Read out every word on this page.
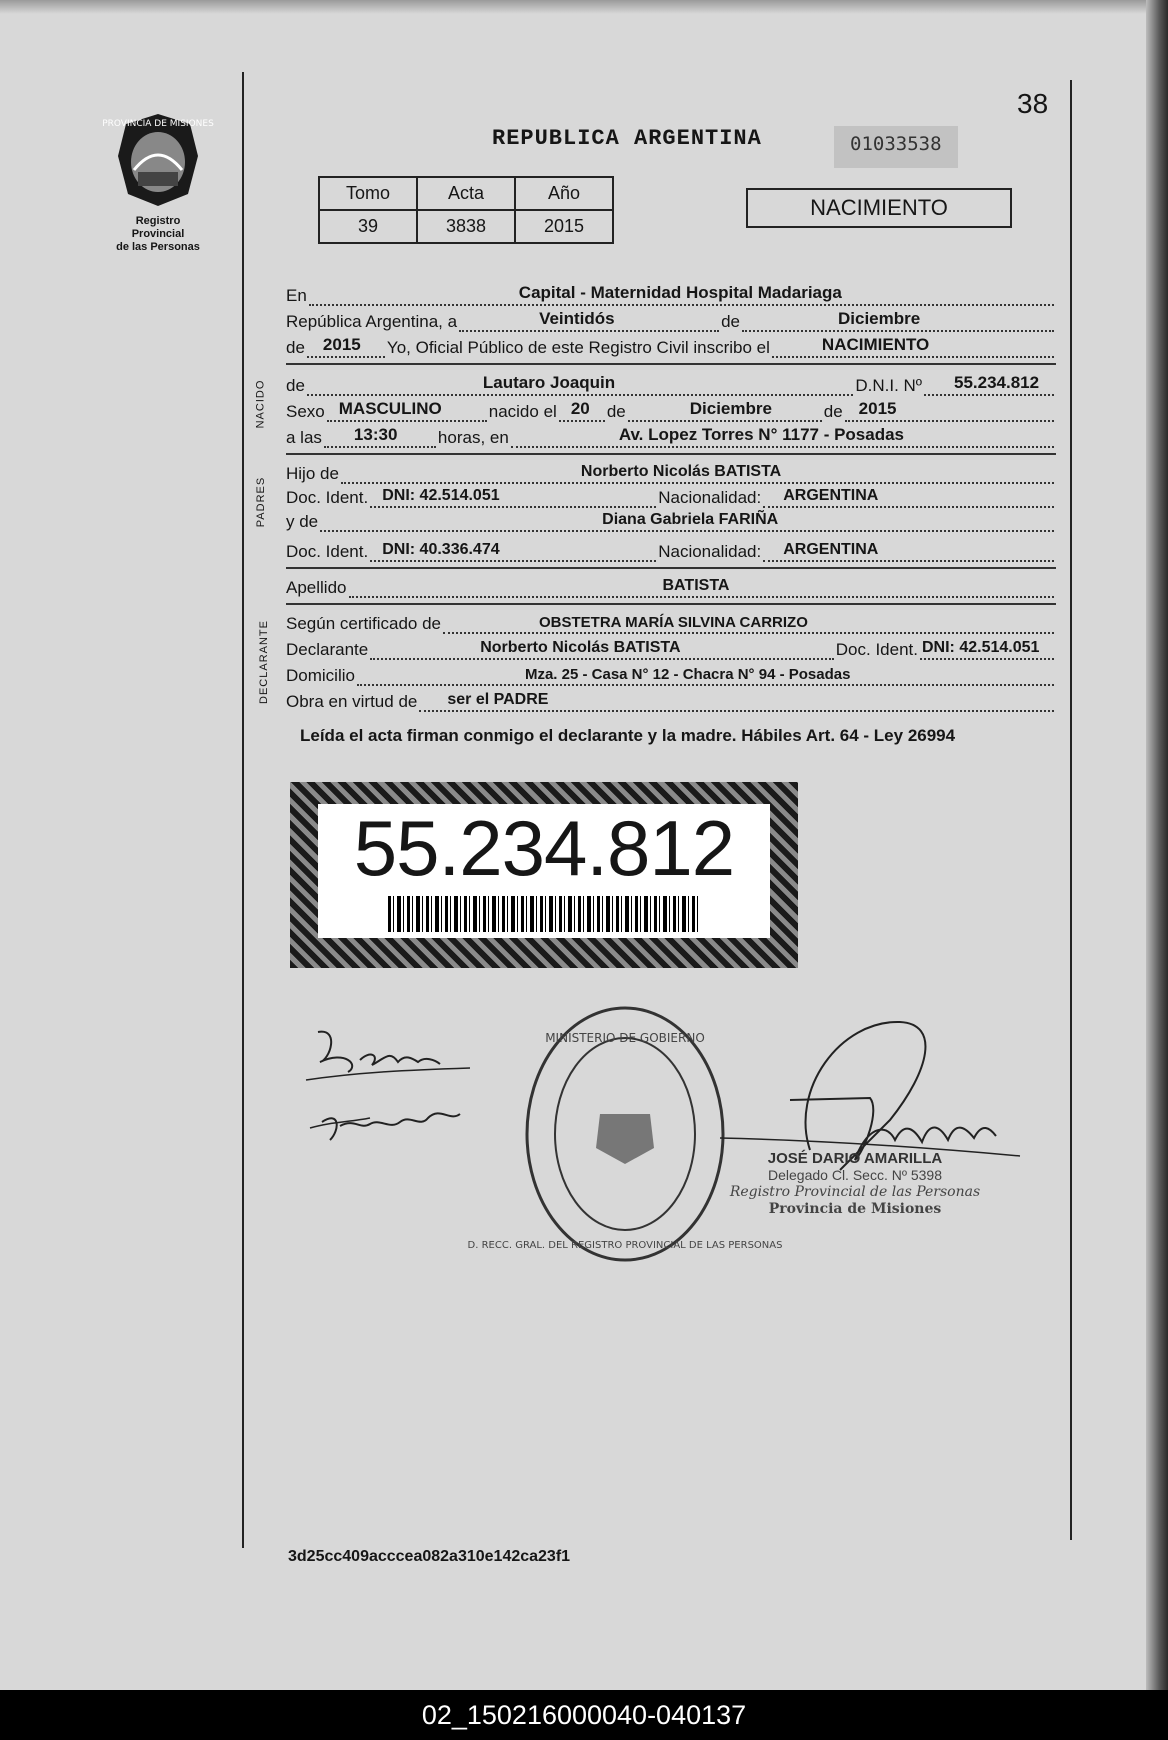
PROVINCIA DE MISIONES
Registro Provincial
de las Personas
REPUBLICA ARGENTINA	01033538
38
Tomo	Acta	Año
39	3838	2015
NACIMIENTO
En	Capital - Maternidad Hospital Madariaga
República Argentina, a	Veintidós	de	Diciembre
de 2015 Yo, Oficial Público de este Registro Civil inscribo el	NACIMIENTO
NACIDO de	Lautaro Joaquin	D.N.I. Nº 55.234.812
Sexo MASCULINO	nacido el 20 de	Diciembre	de 2015
a las 13:30 horas, en	Av. Lopez Torres N° 1177 - Posadas
PADRES
Hijo de	Norberto Nicolás BATISTA
Doc. Ident. DNI: 42.514.051	Nacionalidad: ARGENTINA
y de	Diana Gabriela FARIÑA
Doc. Ident. DNI: 40.336.474	Nacionalidad: ARGENTINA
Apellido	BATISTA
DECLARANTE Según certificado de	OBSTETRA MARÍA SILVINA CARRIZO
Declarante	Norberto Nicolás BATISTA	Doc. Ident. DNI: 42.514.051
Domicilio	Mza. 25 - Casa N° 12 - Chacra N° 94 - Posadas
Obra en virtud de ser el PADRE
Leída el acta firman conmigo el declarante y la madre. Hábiles Art. 64 - Ley 26994
55.234.812
MINISTERIO DE GOBIERNO
D. RECC. GRAL. DEL REGISTRO PROVINCIAL DE LAS PERSONAS
JOSÉ DARIO AMARILLA
Delegado Cl. Secc. Nº 5398
Registro Provincial de las Personas
Provincia de Misiones
3d25cc409acccea082a310e142ca23f1
02_150216000040-040137
